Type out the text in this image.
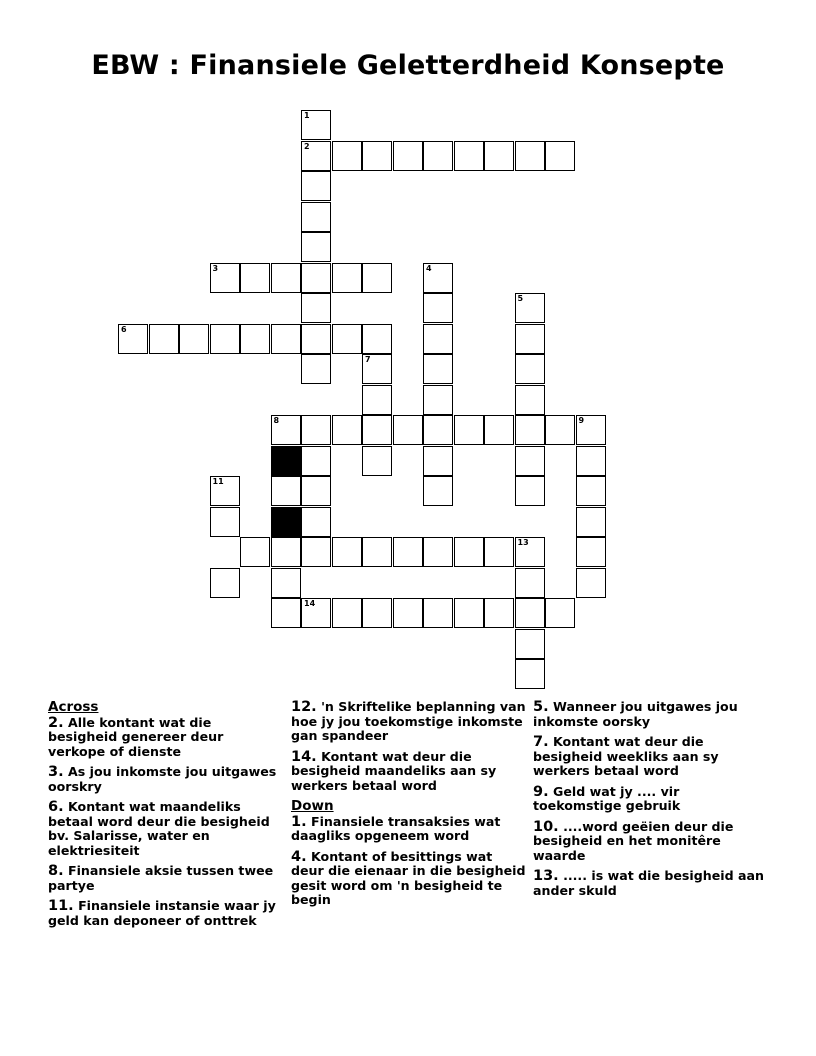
EBW : Finansiele Geletterdheid Konsepte
2
3
6
8	9
14
1
4
5
7
13
11
Across
2. Alle kontant wat die besigheid genereer deur verkope of dienste
3. As jou inkomste jou uitgawes oorskry
6. Kontant wat maandeliks betaal word deur die besigheid bv. Salarisse, water en elektriesiteit
8. Finansiele aksie tussen twee partye
11. Finansiele instansie waar jy geld kan deponeer of onttrek
12. 'n Skriftelike beplanning van hoe jy jou toekomstige inkomste gan spandeer
14. Kontant wat deur die besigheid maandeliks aan sy werkers betaal word
Down
1. Finansiele transaksies wat daagliks opgeneem word
4. Kontant of besittings wat deur die eienaar in die besigheid gesit word om 'n besigheid te begin
5. Wanneer jou uitgawes jou inkomste oorsky
7. Kontant wat deur die besigheid weekliks aan sy werkers betaal word
9. Geld wat jy .... vir toekomstige gebruik
10. ....word geëien deur die besigheid en het monitêre waarde
13. ..... is wat die besigheid aan ander skuld
